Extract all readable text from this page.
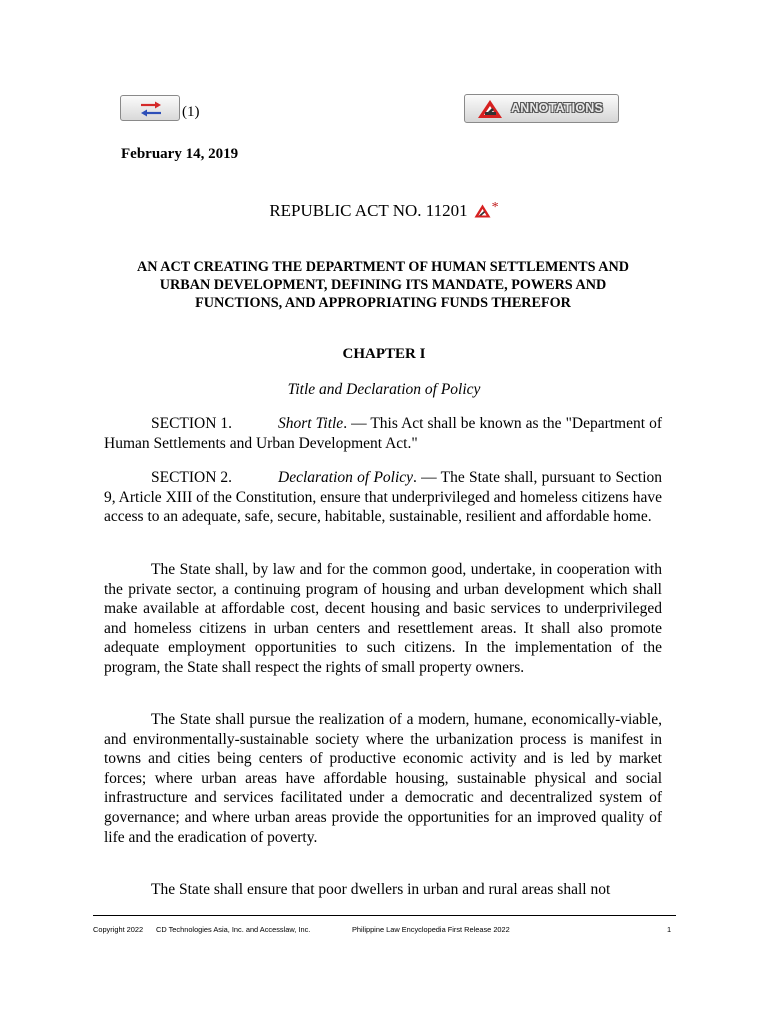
(1)	ANNOTATIONS
February 14, 2019
REPUBLIC ACT NO. 11201 *
AN ACT CREATING THE DEPARTMENT OF HUMAN SETTLEMENTS AND
URBAN DEVELOPMENT, DEFINING ITS MANDATE, POWERS AND
FUNCTIONS, AND APPROPRIATING FUNDS THEREFOR
CHAPTER I
Title and Declaration of Policy

SECTION 1.	Short Title. — This Act shall be known as the "Department of Human Settlements and Urban Development Act."

SECTION 2.	Declaration of Policy. — The State shall, pursuant to Section 9, Article XIII of the Constitution, ensure that underprivileged and homeless citizens have access to an adequate, safe, secure, habitable, sustainable, resilient and affordable home.

The State shall, by law and for the common good, undertake, in cooperation with the private sector, a continuing program of housing and urban development which shall make available at affordable cost, decent housing and basic services to underprivileged and homeless citizens in urban centers and resettlement areas. It shall also promote adequate employment opportunities to such citizens. In the implementation of the program, the State shall respect the rights of small property owners.

The State shall pursue the realization of a modern, humane, economically-viable, and environmentally-sustainable society where the urbanization process is manifest in towns and cities being centers of productive economic activity and is led by market forces; where urban areas have affordable housing, sustainable physical and social infrastructure and services facilitated under a democratic and decentralized system of governance; and where urban areas provide the opportunities for an improved quality of life and the eradication of poverty.

The State shall ensure that poor dwellers in urban and rural areas shall not

Copyright 2022 CD Technologies Asia, Inc. and Accesslaw, Inc.	Philippine Law Encyclopedia First Release 2022	1
